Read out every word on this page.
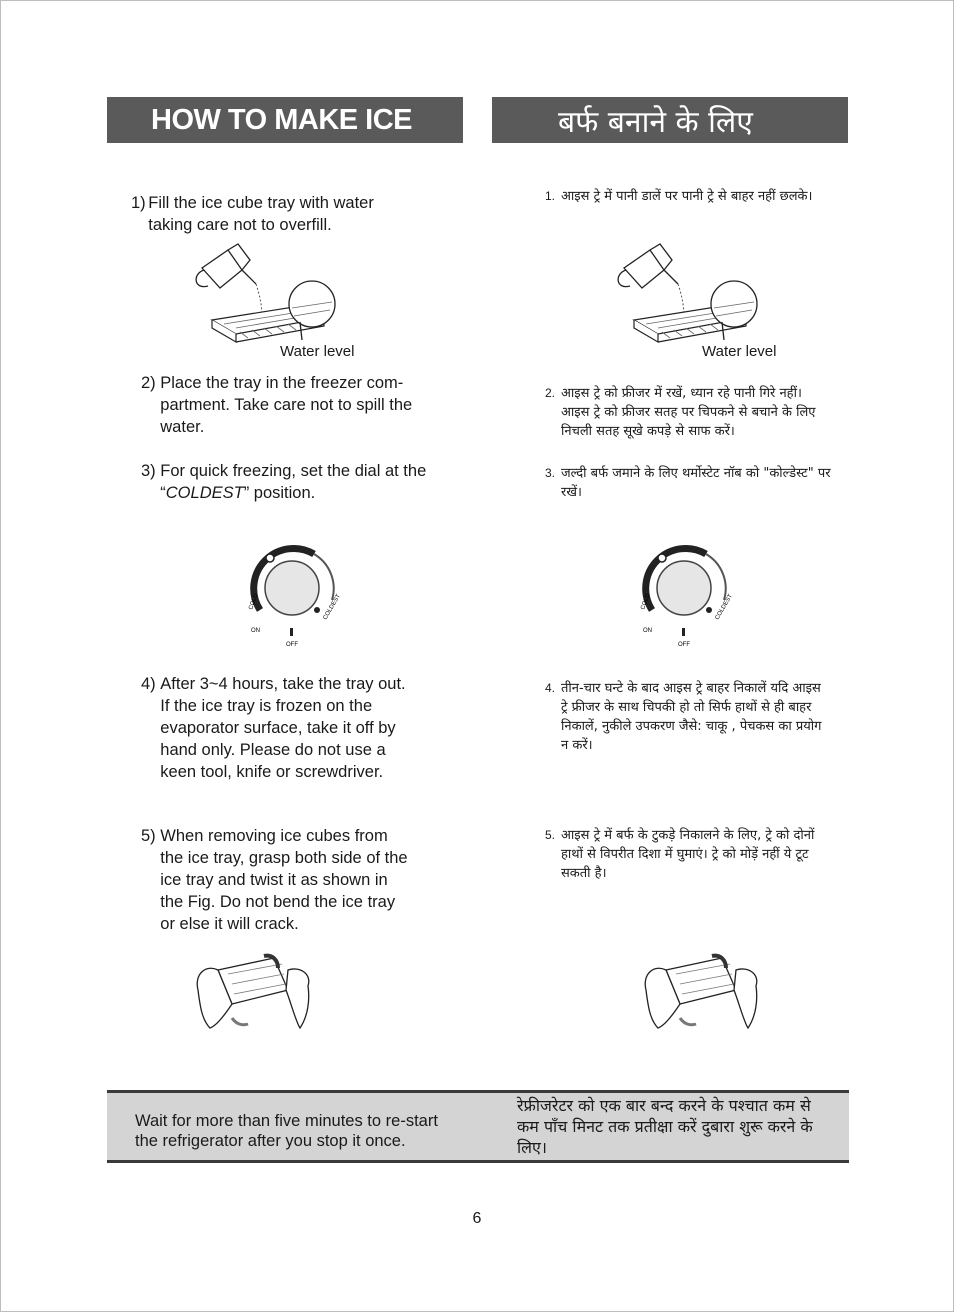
HOW TO MAKE ICE	बर्फ बनाने के लिए
1) Fill the ice cube tray with water
taking care not to overfill.
2) Place the tray in the freezer com-
partment. Take care not to spill the
water.
3) For quick freezing, set the dial at the
“COLDEST” position.
4) After 3~4 hours, take the tray out.
If the ice tray is frozen on the
evaporator surface, take it off by
hand only. Please do not use a
keen tool, knife or screwdriver.
5) When removing ice cubes from
the ice tray, grasp both side of the
ice tray and twist it as shown in
the Fig. Do not bend the ice tray
or else it will crack.
1. आइस ट्रे में पानी डालें पर पानी ट्रे से बाहर नहीं छलके।
2. आइस ट्रे को फ्रीजर में रखें, ध्यान रहे पानी गिरे नहीं। आइस ट्रे को फ्रीजर सतह पर चिपकने से बचाने के लिए निचली सतह सूखे कपड़े से साफ करें।
3. जल्दी बर्फ जमाने के लिए थर्मोस्टेट नॉब को "कोल्डेस्ट" पर रखें।
4. तीन-चार घन्टे के बाद आइस ट्रे बाहर निकालें यदि आइस ट्रे फ्रीजर के साथ चिपकी हो तो सिर्फ हाथों से ही बाहर निकालें, नुकीले उपकरण जैसे: चाकू , पेचकस का प्रयोग न करें।
5. आइस ट्रे में बर्फ के टुकड़े निकालने के लिए, ट्रे को दोनों हाथों से विपरीत दिशा में घुमाएं। ट्रे को मोड़ें नहीं ये टूट सकती है।
Water level	Water level
COLD	COLDEST
ON
OFF
COLD	COLDEST
ON
OFF
Wait for more than five minutes to re-start
the refrigerator after you stop it once.
रेफ्रीजरेटर को एक बार बन्द करने के पश्चात कम से कम पाँच मिनट तक प्रतीक्षा करें दुबारा शुरू करने के लिए।
6
